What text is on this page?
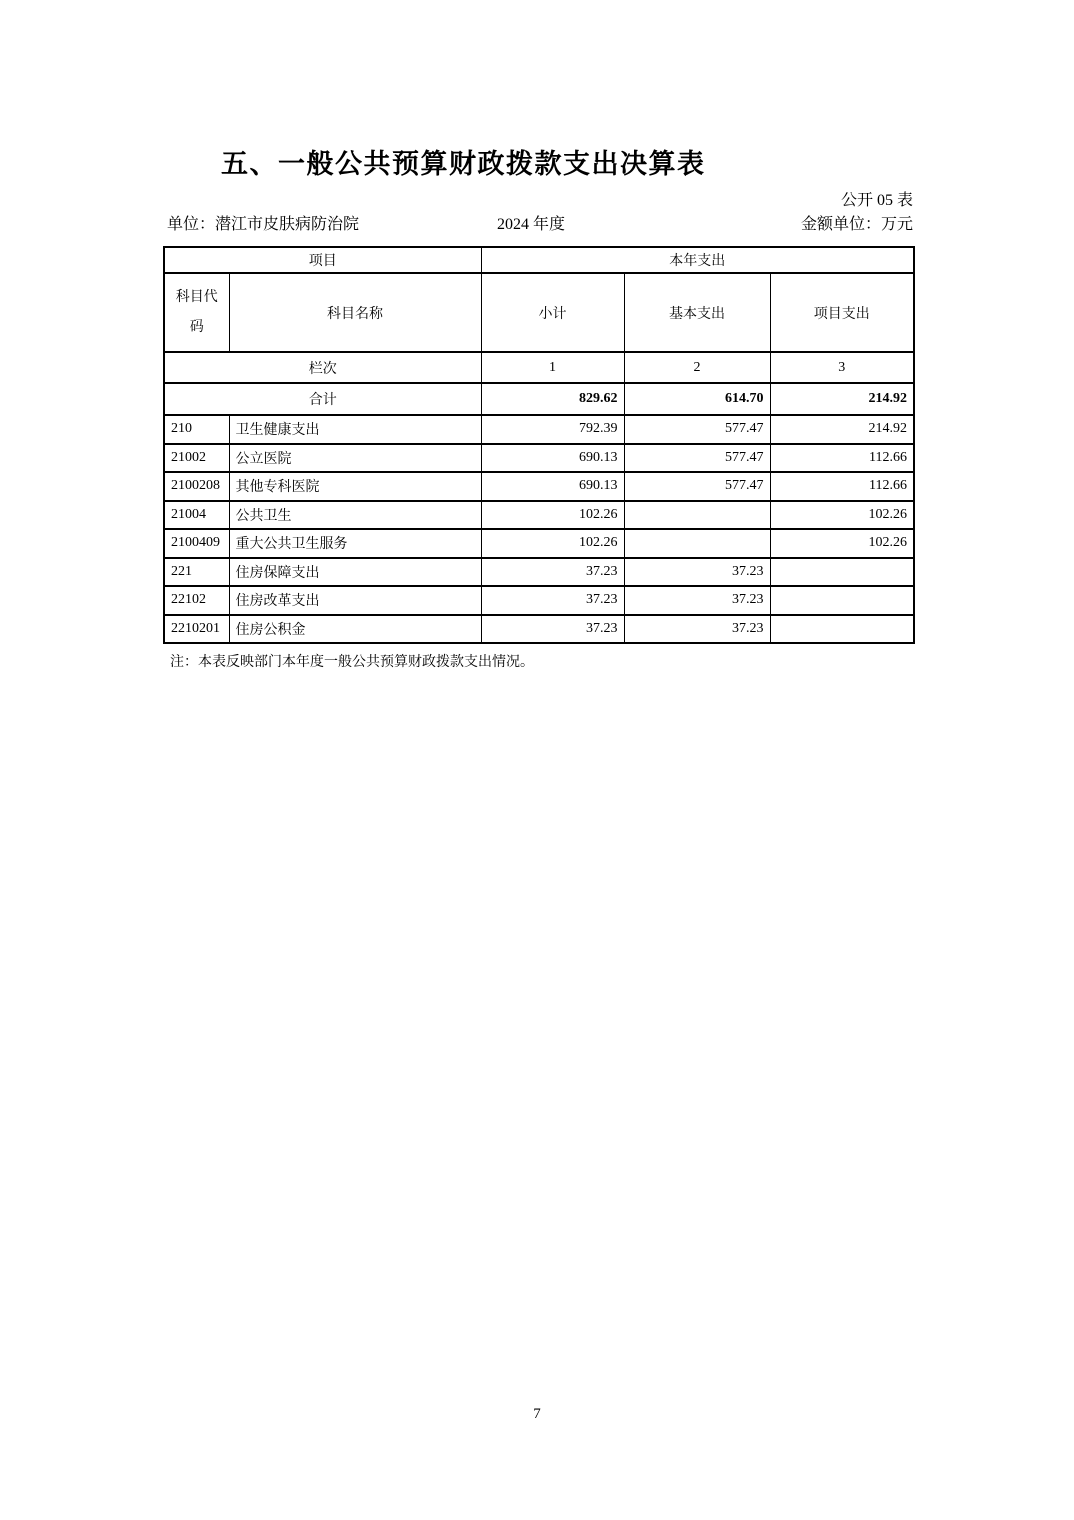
五、一般公共预算财政拨款支出决算表
公开 05 表
单位：潜江市皮肤病防治院	2024 年度	金额单位：万元
项目		本年支出		
科目代码	科目名称	小计	基本支出	项目支出
栏次		1	2	3
合计		829.62	614.70	214.92
210	卫生健康支出	792.39	577.47	214.92
21002	公立医院	690.13	577.47	112.66
2100208	其他专科医院	690.13	577.47	112.66
21004	公共卫生	102.26		102.26
2100409	重大公共卫生服务	102.26		102.26
221	住房保障支出	37.23	37.23	
22102	住房改革支出	37.23	37.23	
2210201	住房公积金	37.23	37.23	
注：本表反映部门本年度一般公共预算财政拨款支出情况。
7
